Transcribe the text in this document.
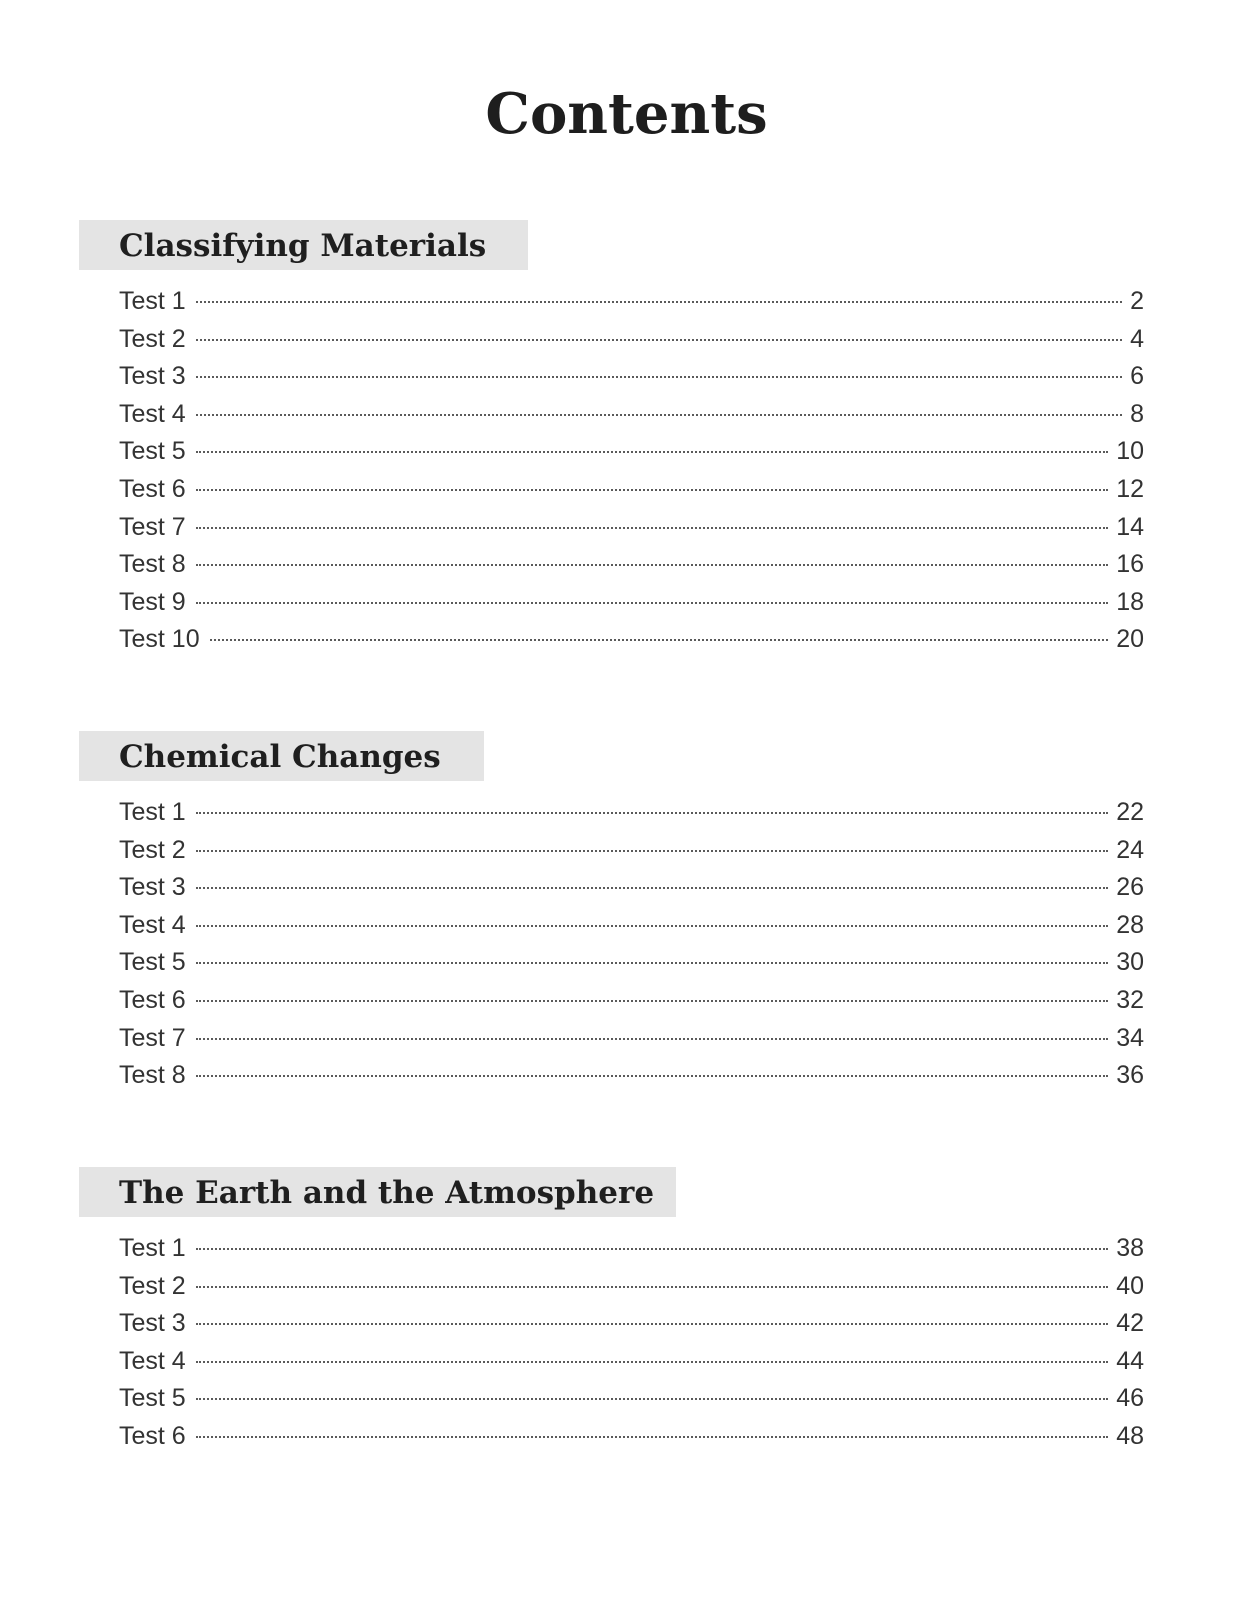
Contents
Classifying Materials
Test 1	2
Test 2	4
Test 3	6
Test 4	8
Test 5	10
Test 6	12
Test 7	14
Test 8	16
Test 9	18
Test 10	20
Chemical Changes
Test 1	22
Test 2	24
Test 3	26
Test 4	28
Test 5	30
Test 6	32
Test 7	34
Test 8	36
The Earth and the Atmosphere
Test 1	38
Test 2	40
Test 3	42
Test 4	44
Test 5	46
Test 6	48
